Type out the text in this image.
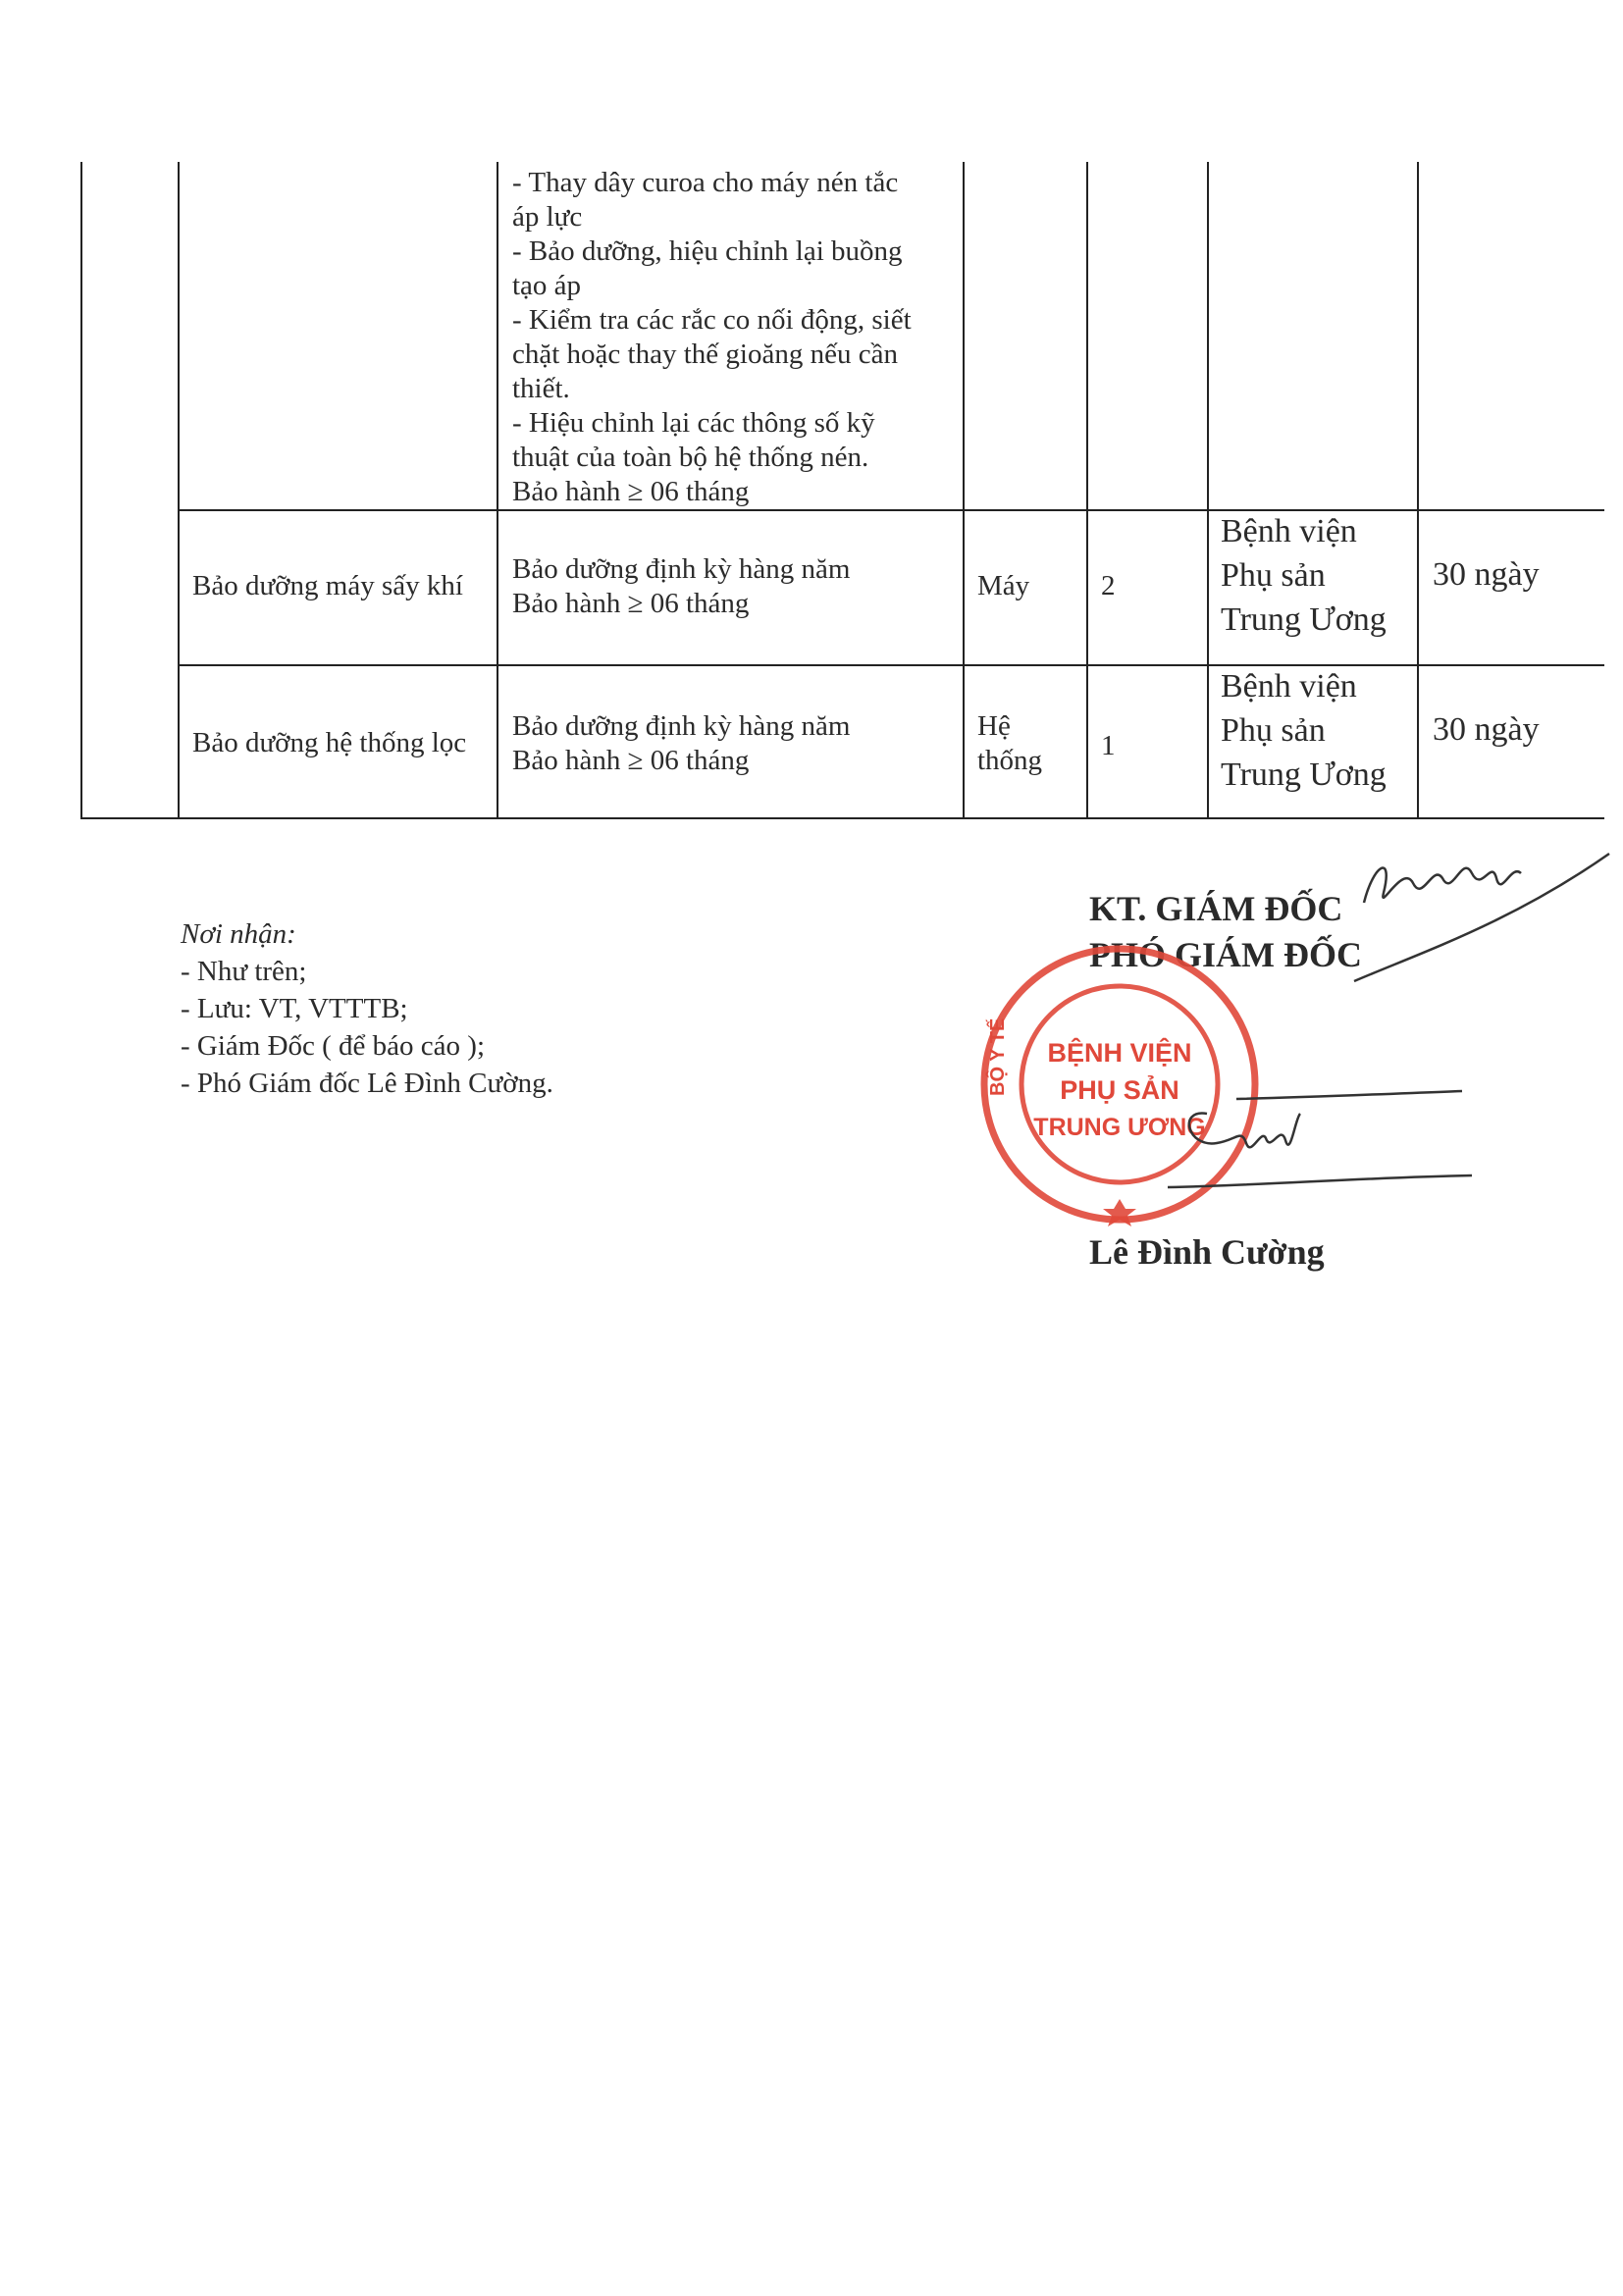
- Thay dây curoa cho máy nén tắc

áp lực

- Bảo dưỡng, hiệu chỉnh lại buồng

tạo áp

- Kiểm tra các rắc co nối động, siết

chặt hoặc thay thế gioăng nếu cần

thiết.

- Hiệu chỉnh lại các thông số kỹ

thuật của toàn bộ hệ thống nén.

Bảo hành ≥ 06 tháng

Bảo dưỡng máy sấy khí

Bảo dưỡng định kỳ hàng năm

Bảo hành ≥ 06 tháng

Máy	2

Bệnh viện

Phụ sản

Trung Ương

30 ngày
Bảo dưỡng hệ thống lọc

Bảo dưỡng định kỳ hàng năm

Bảo hành ≥ 06 tháng

Hệ

thống 1

Bệnh viện

Phụ sản

Trung Ương

30 ngày
Nơi nhận:
- Như trên;
- Lưu: VT, VTTTB;
- Giám Đốc ( để báo cáo );
- Phó Giám đốc Lê Đình Cường.
KT. GIÁM ĐỐC
PHÓ GIÁM ĐỐC
BỘ Y TẾ BỆNH VIỆN
PHỤ SẢN
TRUNG ƯƠNG
Lê Đình Cường
